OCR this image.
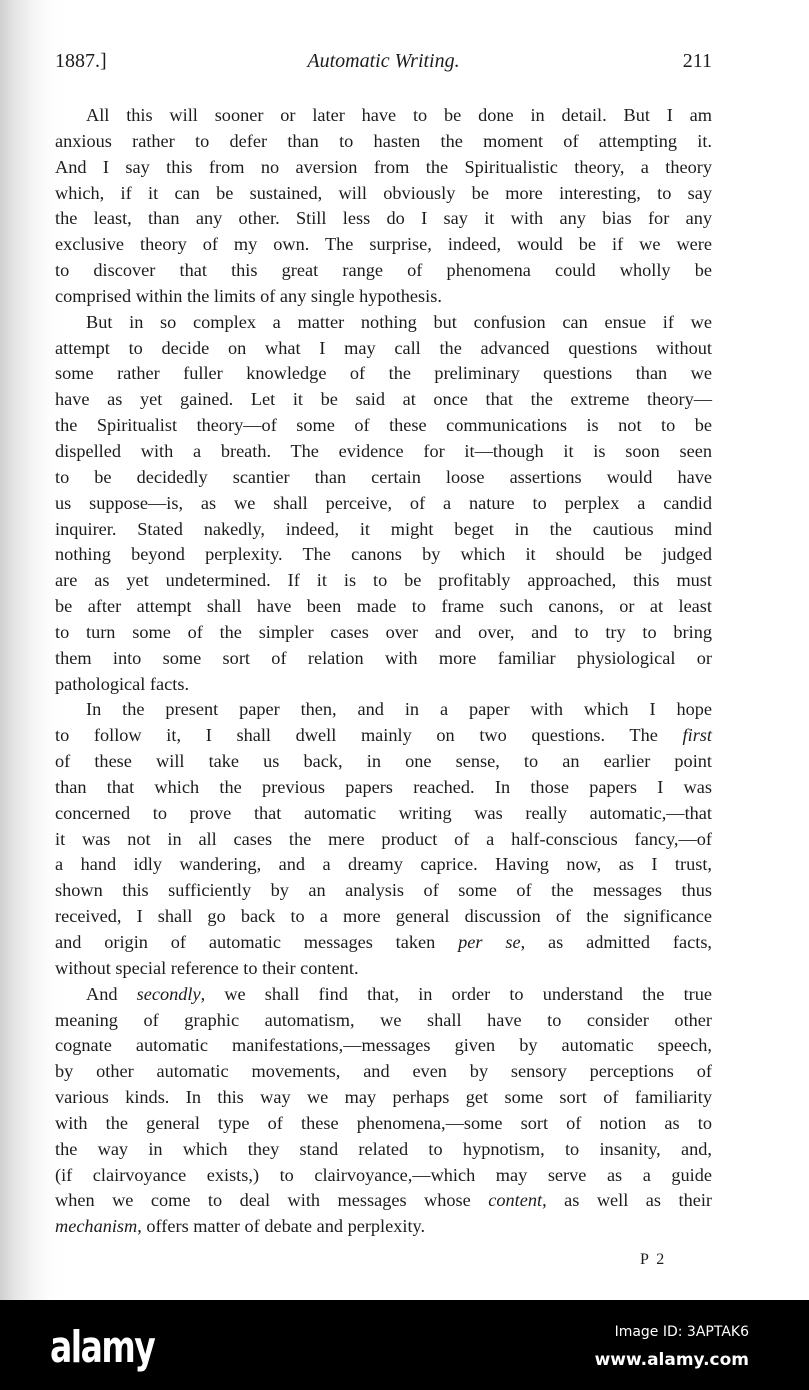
1887.]	Automatic Writing.	211
All this will sooner or later have to be done in detail. But I am
anxious rather to defer than to hasten the moment of attempting it.
And I say this from no aversion from the Spiritualistic theory, a theory
which, if it can be sustained, will obviously be more interesting, to say
the least, than any other. Still less do I say it with any bias for any
exclusive theory of my own. The surprise, indeed, would be if we were
to discover that this great range of phenomena could wholly be
comprised within the limits of any single hypothesis.
But in so complex a matter nothing but confusion can ensue if we
attempt to decide on what I may call the advanced questions without
some rather fuller knowledge of the preliminary questions than we
have as yet gained. Let it be said at once that the extreme theory—
the Spiritualist theory—of some of these communications is not to be
dispelled with a breath. The evidence for it—though it is soon seen
to be decidedly scantier than certain loose assertions would have
us suppose—is, as we shall perceive, of a nature to perplex a candid
inquirer. Stated nakedly, indeed, it might beget in the cautious mind
nothing beyond perplexity. The canons by which it should be judged
are as yet undetermined. If it is to be profitably approached, this must
be after attempt shall have been made to frame such canons, or at least
to turn some of the simpler cases over and over, and to try to bring
them into some sort of relation with more familiar physiological or
pathological facts.
In the present paper then, and in a paper with which I hope
to follow it, I shall dwell mainly on two questions. The first
of these will take us back, in one sense, to an earlier point
than that which the previous papers reached. In those papers I was
concerned to prove that automatic writing was really automatic,—that
it was not in all cases the mere product of a half-conscious fancy,—of
a hand idly wandering, and a dreamy caprice. Having now, as I trust,
shown this sufficiently by an analysis of some of the messages thus
received, I shall go back to a more general discussion of the significance
and origin of automatic messages taken per se, as admitted facts,
without special reference to their content.
And secondly, we shall find that, in order to understand the true
meaning of graphic automatism, we shall have to consider other
cognate automatic manifestations,—messages given by automatic speech,
by other automatic movements, and even by sensory perceptions of
various kinds. In this way we may perhaps get some sort of familiarity
with the general type of these phenomena,—some sort of notion as to
the way in which they stand related to hypnotism, to insanity, and,
(if clairvoyance exists,) to clairvoyance,—which may serve as a guide
when we come to deal with messages whose content, as well as their
mechanism, offers matter of debate and perplexity.
P 2
alamy	Image ID: 3APTAK6
www.alamy.com
